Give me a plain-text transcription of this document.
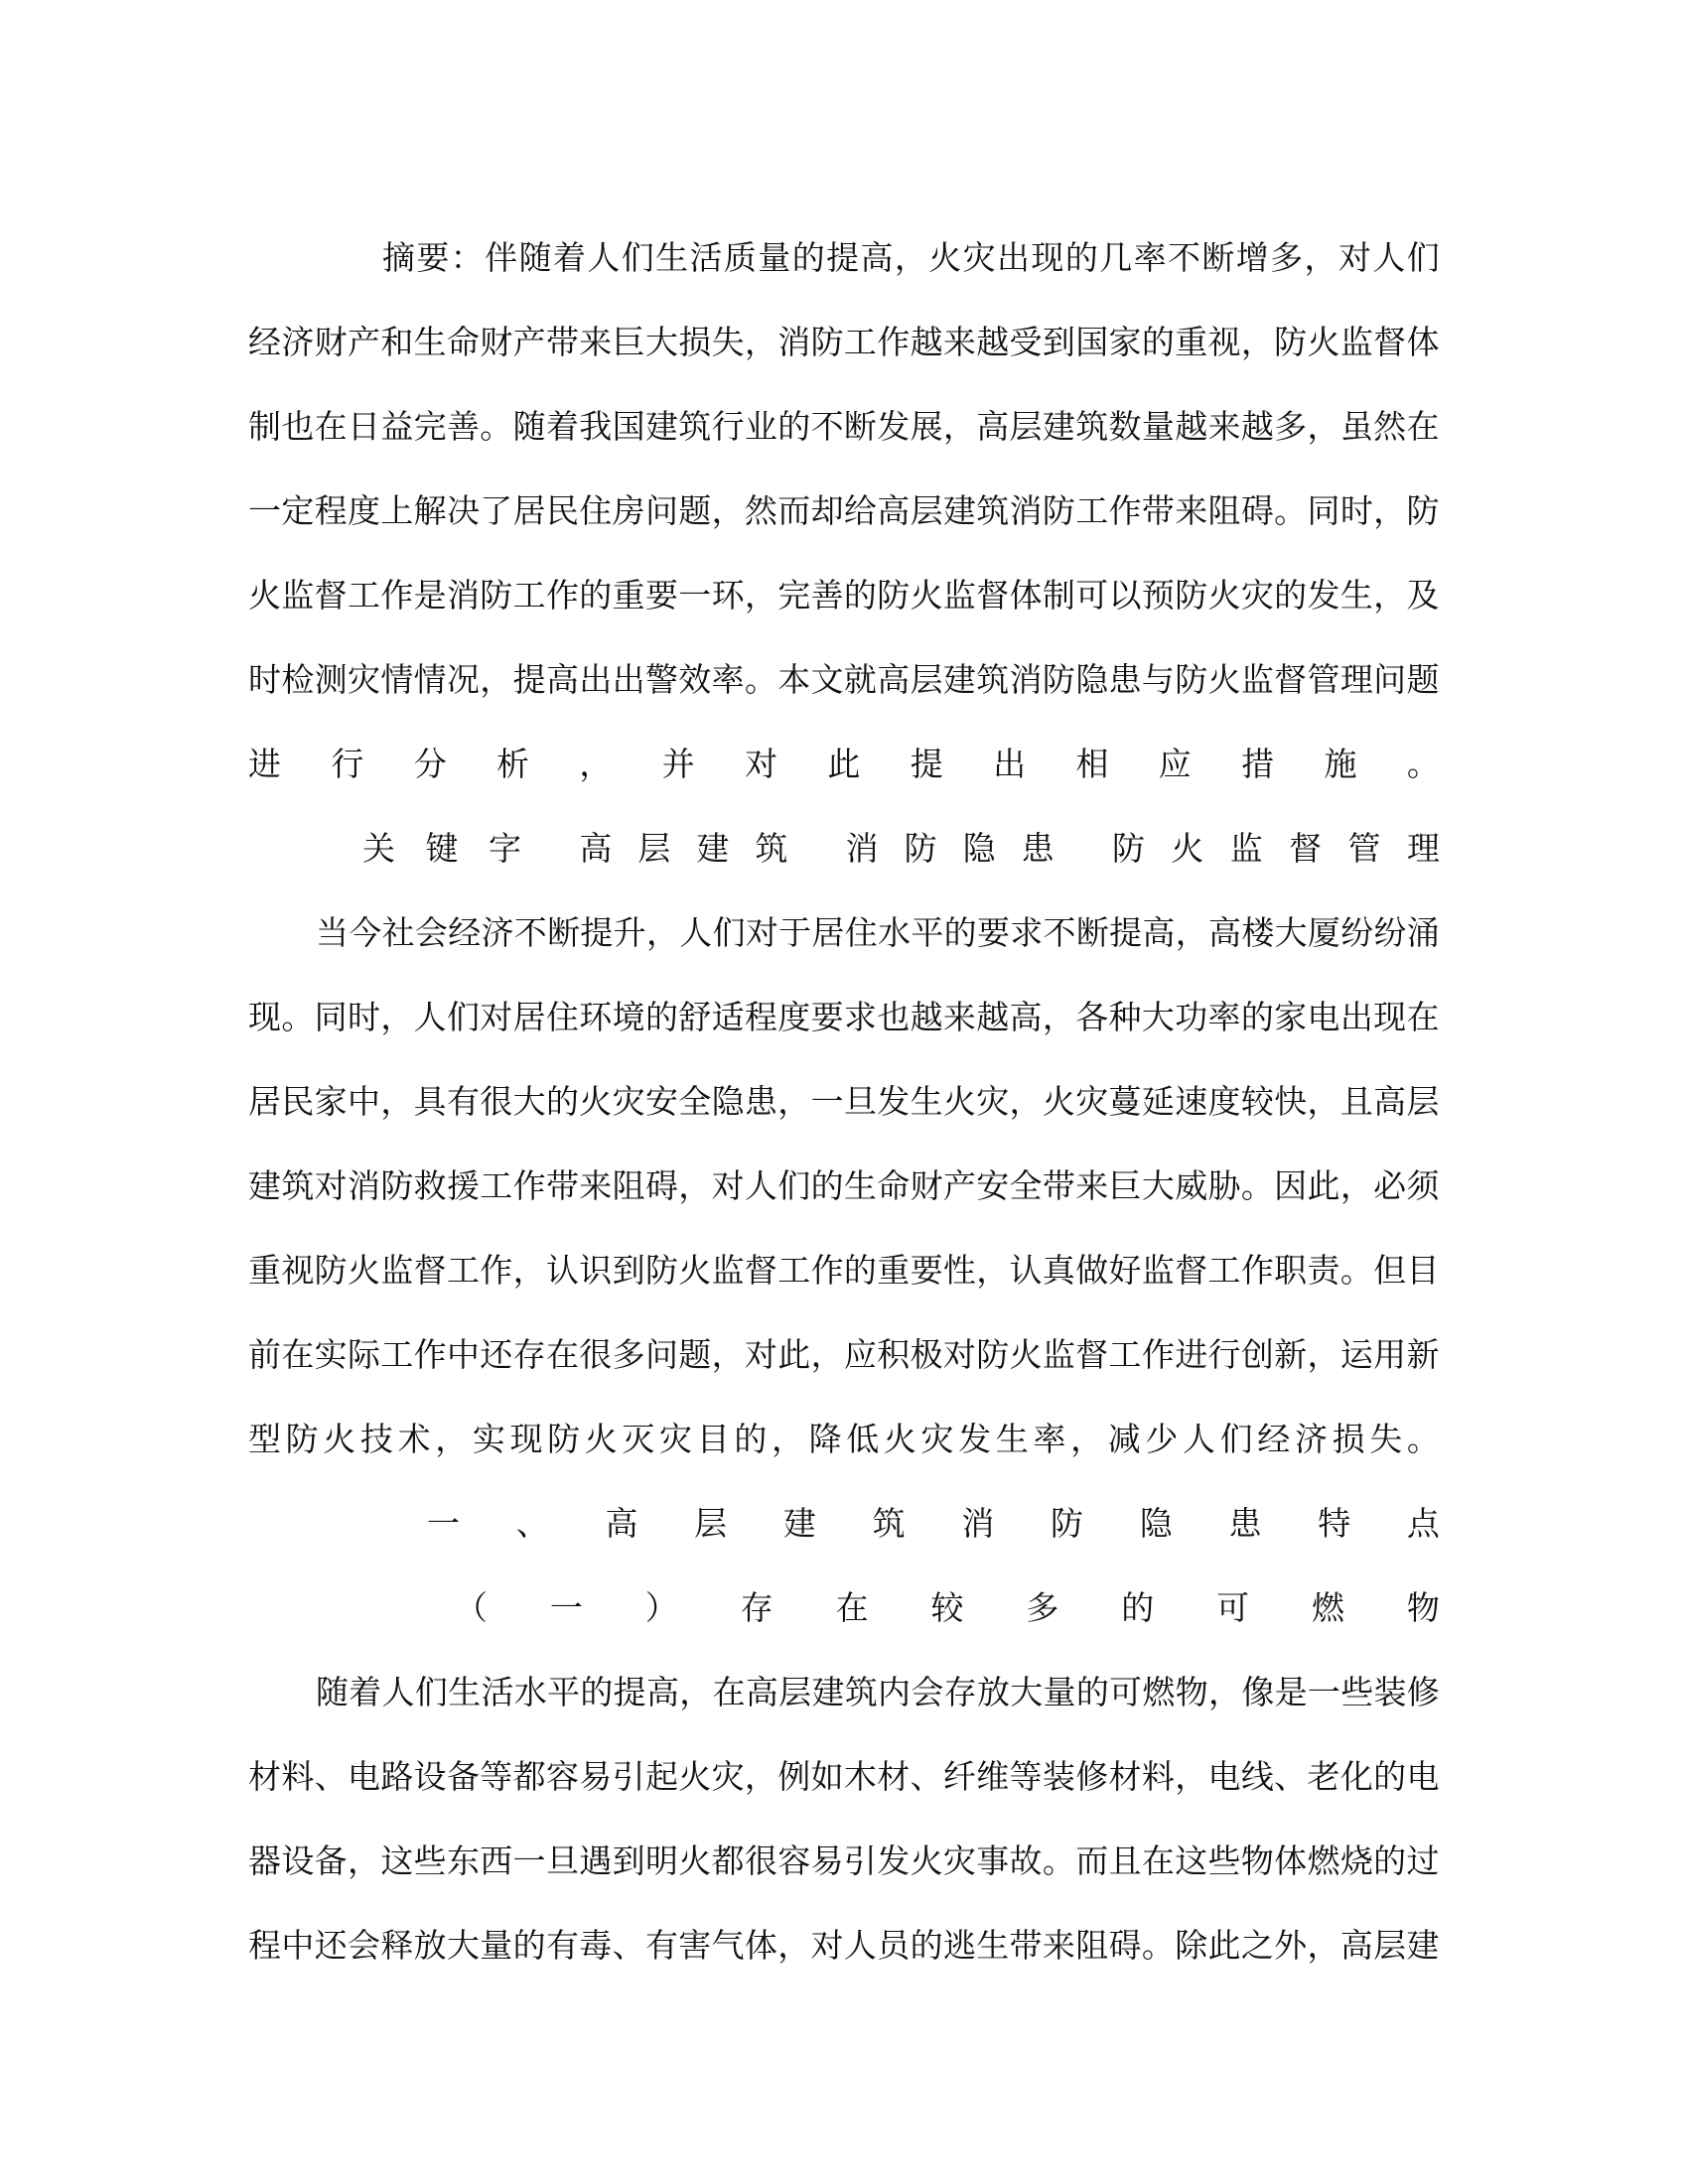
摘 要 ： 伴 随 着 人 们 生 活 质 量 的 提 高 ， 火 灾 出 现 的 几 率 不 断 增 多 ， 对 人 们
经 济 财 产 和 生 命 财 产 带 来 巨 大 损 失 ， 消 防 工 作 越 来 越 受 到 国 家 的 重 视 ， 防 火 监 督 体
制 也 在 日 益 完 善 。 随 着 我 国 建 筑 行 业 的 不 断 发 展 ， 高 层 建 筑 数 量 越 来 越 多 ， 虽 然 在
一 定 程 度 上 解 决 了 居 民 住 房 问 题 ， 然 而 却 给 高 层 建 筑 消 防 工 作 带 来 阻 碍 。 同 时 ， 防
火 监 督 工 作 是 消 防 工 作 的 重 要 一 环 ， 完 善 的 防 火 监 督 体 制 可 以 预 防 火 灾 的 发 生 ， 及
时 检 测 灾 情 情 况 ， 提 高 出 出 警 效 率 。 本 文 就 高 层 建 筑 消 防 隐 患 与 防 火 监 督 管 理 问 题
进 行 分 析 ， 并 对 此 提 出 相 应 措 施 。
关 键 字 高 层 建 筑 消 防 隐 患 防 火 监 督 管 理
当 今 社 会 经 济 不 断 提 升 ， 人 们 对 于 居 住 水 平 的 要 求 不 断 提 高 ， 高 楼 大 厦 纷 纷 涌
现 。 同 时 ， 人 们 对 居 住 环 境 的 舒 适 程 度 要 求 也 越 来 越 高 ， 各 种 大 功 率 的 家 电 出 现 在
居 民 家 中 ， 具 有 很 大 的 火 灾 安 全 隐 患 ， 一 旦 发 生 火 灾 ， 火 灾 蔓 延 速 度 较 快 ， 且 高 层
建 筑 对 消 防 救 援 工 作 带 来 阻 碍 ， 对 人 们 的 生 命 财 产 安 全 带 来 巨 大 威 胁 。 因 此 ， 必 须
重 视 防 火 监 督 工 作 ， 认 识 到 防 火 监 督 工 作 的 重 要 性 ， 认 真 做 好 监 督 工 作 职 责 。 但 目
前 在 实 际 工 作 中 还 存 在 很 多 问 题 ， 对 此 ， 应 积 极 对 防 火 监 督 工 作 进 行 创 新 ， 运 用 新
型 防 火 技 术 ， 实 现 防 火 灭 灾 目 的 ， 降 低 火 灾 发 生 率 ， 减 少 人 们 经 济 损 失 。
一 、 高 层 建 筑 消 防 隐 患 特 点
（ 一 ） 存 在 较 多 的 可 燃 物
随 着 人 们 生 活 水 平 的 提 高 ， 在 高 层 建 筑 内 会 存 放 大 量 的 可 燃 物 ， 像 是 一 些 装 修
材 料 、 电 路 设 备 等 都 容 易 引 起 火 灾 ， 例 如 木 材 、 纤 维 等 装 修 材 料 ， 电 线 、 老 化 的 电
器 设 备 ， 这 些 东 西 一 旦 遇 到 明 火 都 很 容 易 引 发 火 灾 事 故 。 而 且 在 这 些 物 体 燃 烧 的 过
程 中 还 会 释 放 大 量 的 有 毒 、 有 害 气 体 ， 对 人 员 的 逃 生 带 来 阻 碍 。 除 此 之 外 ， 高 层 建
